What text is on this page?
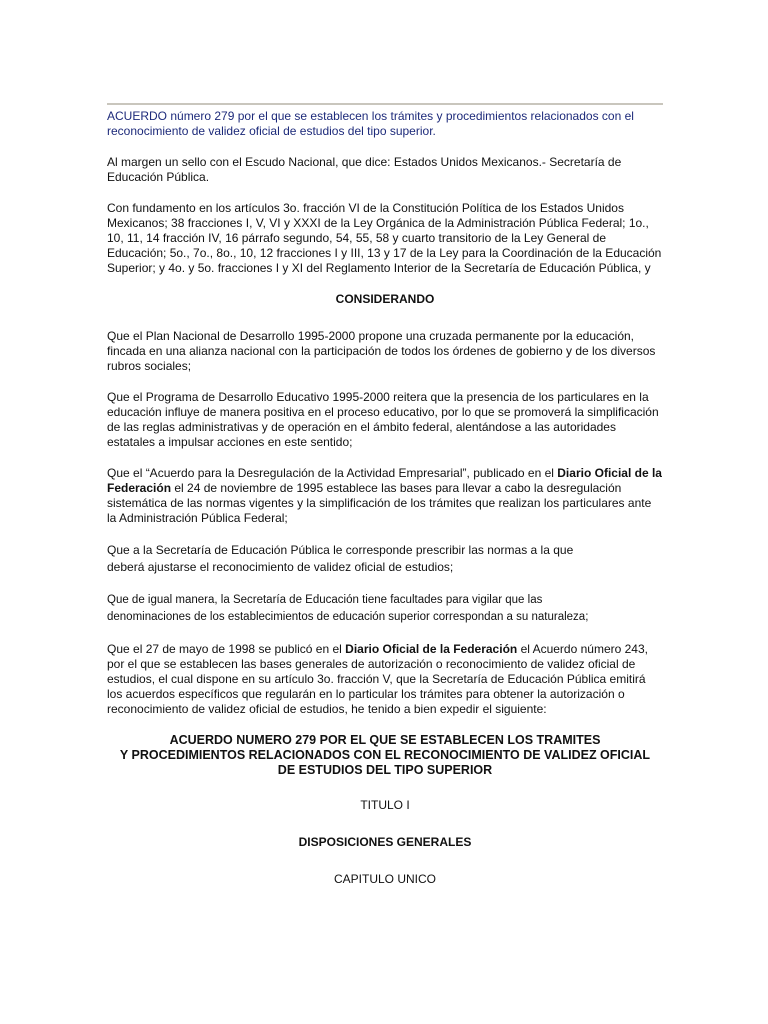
ACUERDO número 279 por el que se establecen los trámites y procedimientos relacionados con el reconocimiento de validez oficial de estudios del tipo superior.

Al margen un sello con el Escudo Nacional, que dice: Estados Unidos Mexicanos.- Secretaría de Educación Pública.

Con fundamento en los artículos 3o. fracción VI de la Constitución Política de los Estados Unidos Mexicanos; 38 fracciones I, V, VI y XXXI de la Ley Orgánica de la Administración Pública Federal; 1o., 10, 11, 14 fracción IV, 16 párrafo segundo, 54, 55, 58 y cuarto transitorio de la Ley General de Educación; 5o., 7o., 8o., 10, 12 fracciones I y III, 13 y 17 de la Ley para la Coordinación de la Educación Superior; y 4o. y 5o. fracciones I y XI del Reglamento Interior de la Secretaría de Educación Pública, y

CONSIDERANDO

Que el Plan Nacional de Desarrollo 1995-2000 propone una cruzada permanente por la educación, fincada en una alianza nacional con la participación de todos los órdenes de gobierno y de los diversos rubros sociales;

Que el Programa de Desarrollo Educativo 1995-2000 reitera que la presencia de los particulares en la educación influye de manera positiva en el proceso educativo, por lo que se promoverá la simplificación de las reglas administrativas y de operación en el ámbito federal, alentándose a las autoridades estatales a impulsar acciones en este sentido;

Que el “Acuerdo para la Desregulación de la Actividad Empresarial”, publicado en el Diario Oficial de la Federación el 24 de noviembre de 1995 establece las bases para llevar a cabo la desregulación sistemática de las normas vigentes y la simplificación de los trámites que realizan los particulares ante la Administración Pública Federal;

Que a la Secretaría de Educación Pública le corresponde prescribir las normas a la que
deberá ajustarse el reconocimiento de validez oficial de estudios;

Que de igual manera, la Secretaría de Educación tiene facultades para vigilar que las
denominaciones de los establecimientos de educación superior correspondan a su naturaleza;

Que el 27 de mayo de 1998 se publicó en el Diario Oficial de la Federación el Acuerdo número 243, por el que se establecen las bases generales de autorización o reconocimiento de validez oficial de estudios, el cual dispone en su artículo 3o. fracción V, que la Secretaría de Educación Pública emitirá los acuerdos específicos que regularán en lo particular los trámites para obtener la autorización o reconocimiento de validez oficial de estudios, he tenido a bien expedir el siguiente:

ACUERDO NUMERO 279 POR EL QUE SE ESTABLECEN LOS TRAMITES
Y PROCEDIMIENTOS RELACIONADOS CON EL RECONOCIMIENTO DE VALIDEZ OFICIAL
DE ESTUDIOS DEL TIPO SUPERIOR

TITULO I

DISPOSICIONES GENERALES

CAPITULO UNICO
